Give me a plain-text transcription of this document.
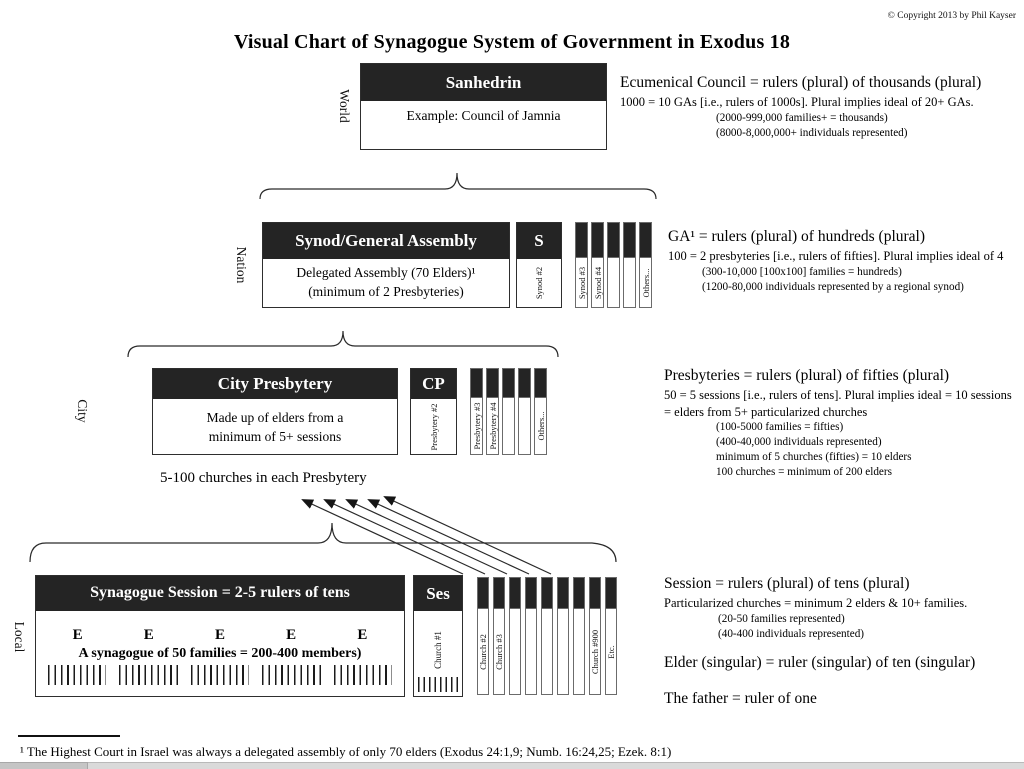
© Copyright 2013 by Phil Kayser
Visual Chart of Synagogue System of Government in Exodus 18
World
Sanhedrin
Example: Council of Jamnia
Ecumenical Council = rulers (plural) of thousands (plural)
1000 = 10 GAs [i.e., rulers of 1000s]. Plural implies ideal of 20+ GAs.
(2000-999,000 families+ = thousands)
(8000-8,000,000+ individuals represented)
Nation
Synod/General Assembly
Delegated Assembly (70 Elders)¹
(minimum of 2 Presbyteries)
S
Synod #2	Synod #3 Synod #4	Others...
GA¹ = rulers (plural) of hundreds (plural)
100 = 2 presbyteries [i.e., rulers of fifties]. Plural implies ideal of 4
(300-10,000 [100x100] families = hundreds)
(1200-80,000 individuals represented by a regional synod)
City
City Presbytery
Made up of elders from a
minimum of 5+ sessions
CP
Presbytery #2	Presbytery #3 Presbytery #4	Others...
Presbyteries = rulers (plural) of fifties (plural)
50 = 5 sessions [i.e., rulers of tens]. Plural implies ideal = 10 sessions
= elders from 5+ particularized churches
(100-5000 families = fifties)
(400-40,000 individuals represented)
minimum of 5 churches (fifties) = 10 elders
100 churches = minimum of 200 elders
5-100 churches in each Presbytery
Local
Synagogue Session = 2-5 rulers of tens
E	E	E	E	E
A synagogue of 50 families = 200-400 members)
Ses
Church #1	Church #2 Church #3	Church #900 Etc.
Session = rulers (plural) of tens (plural)
Particularized churches = minimum 2 elders & 10+ families.
(20-50 families represented)
(40-400 individuals represented)
Elder (singular) = ruler (singular) of ten (singular)
The father = ruler of one
¹ The Highest Court in Israel was always a delegated assembly of only 70 elders (Exodus 24:1,9; Numb. 16:24,25; Ezek. 8:1)
